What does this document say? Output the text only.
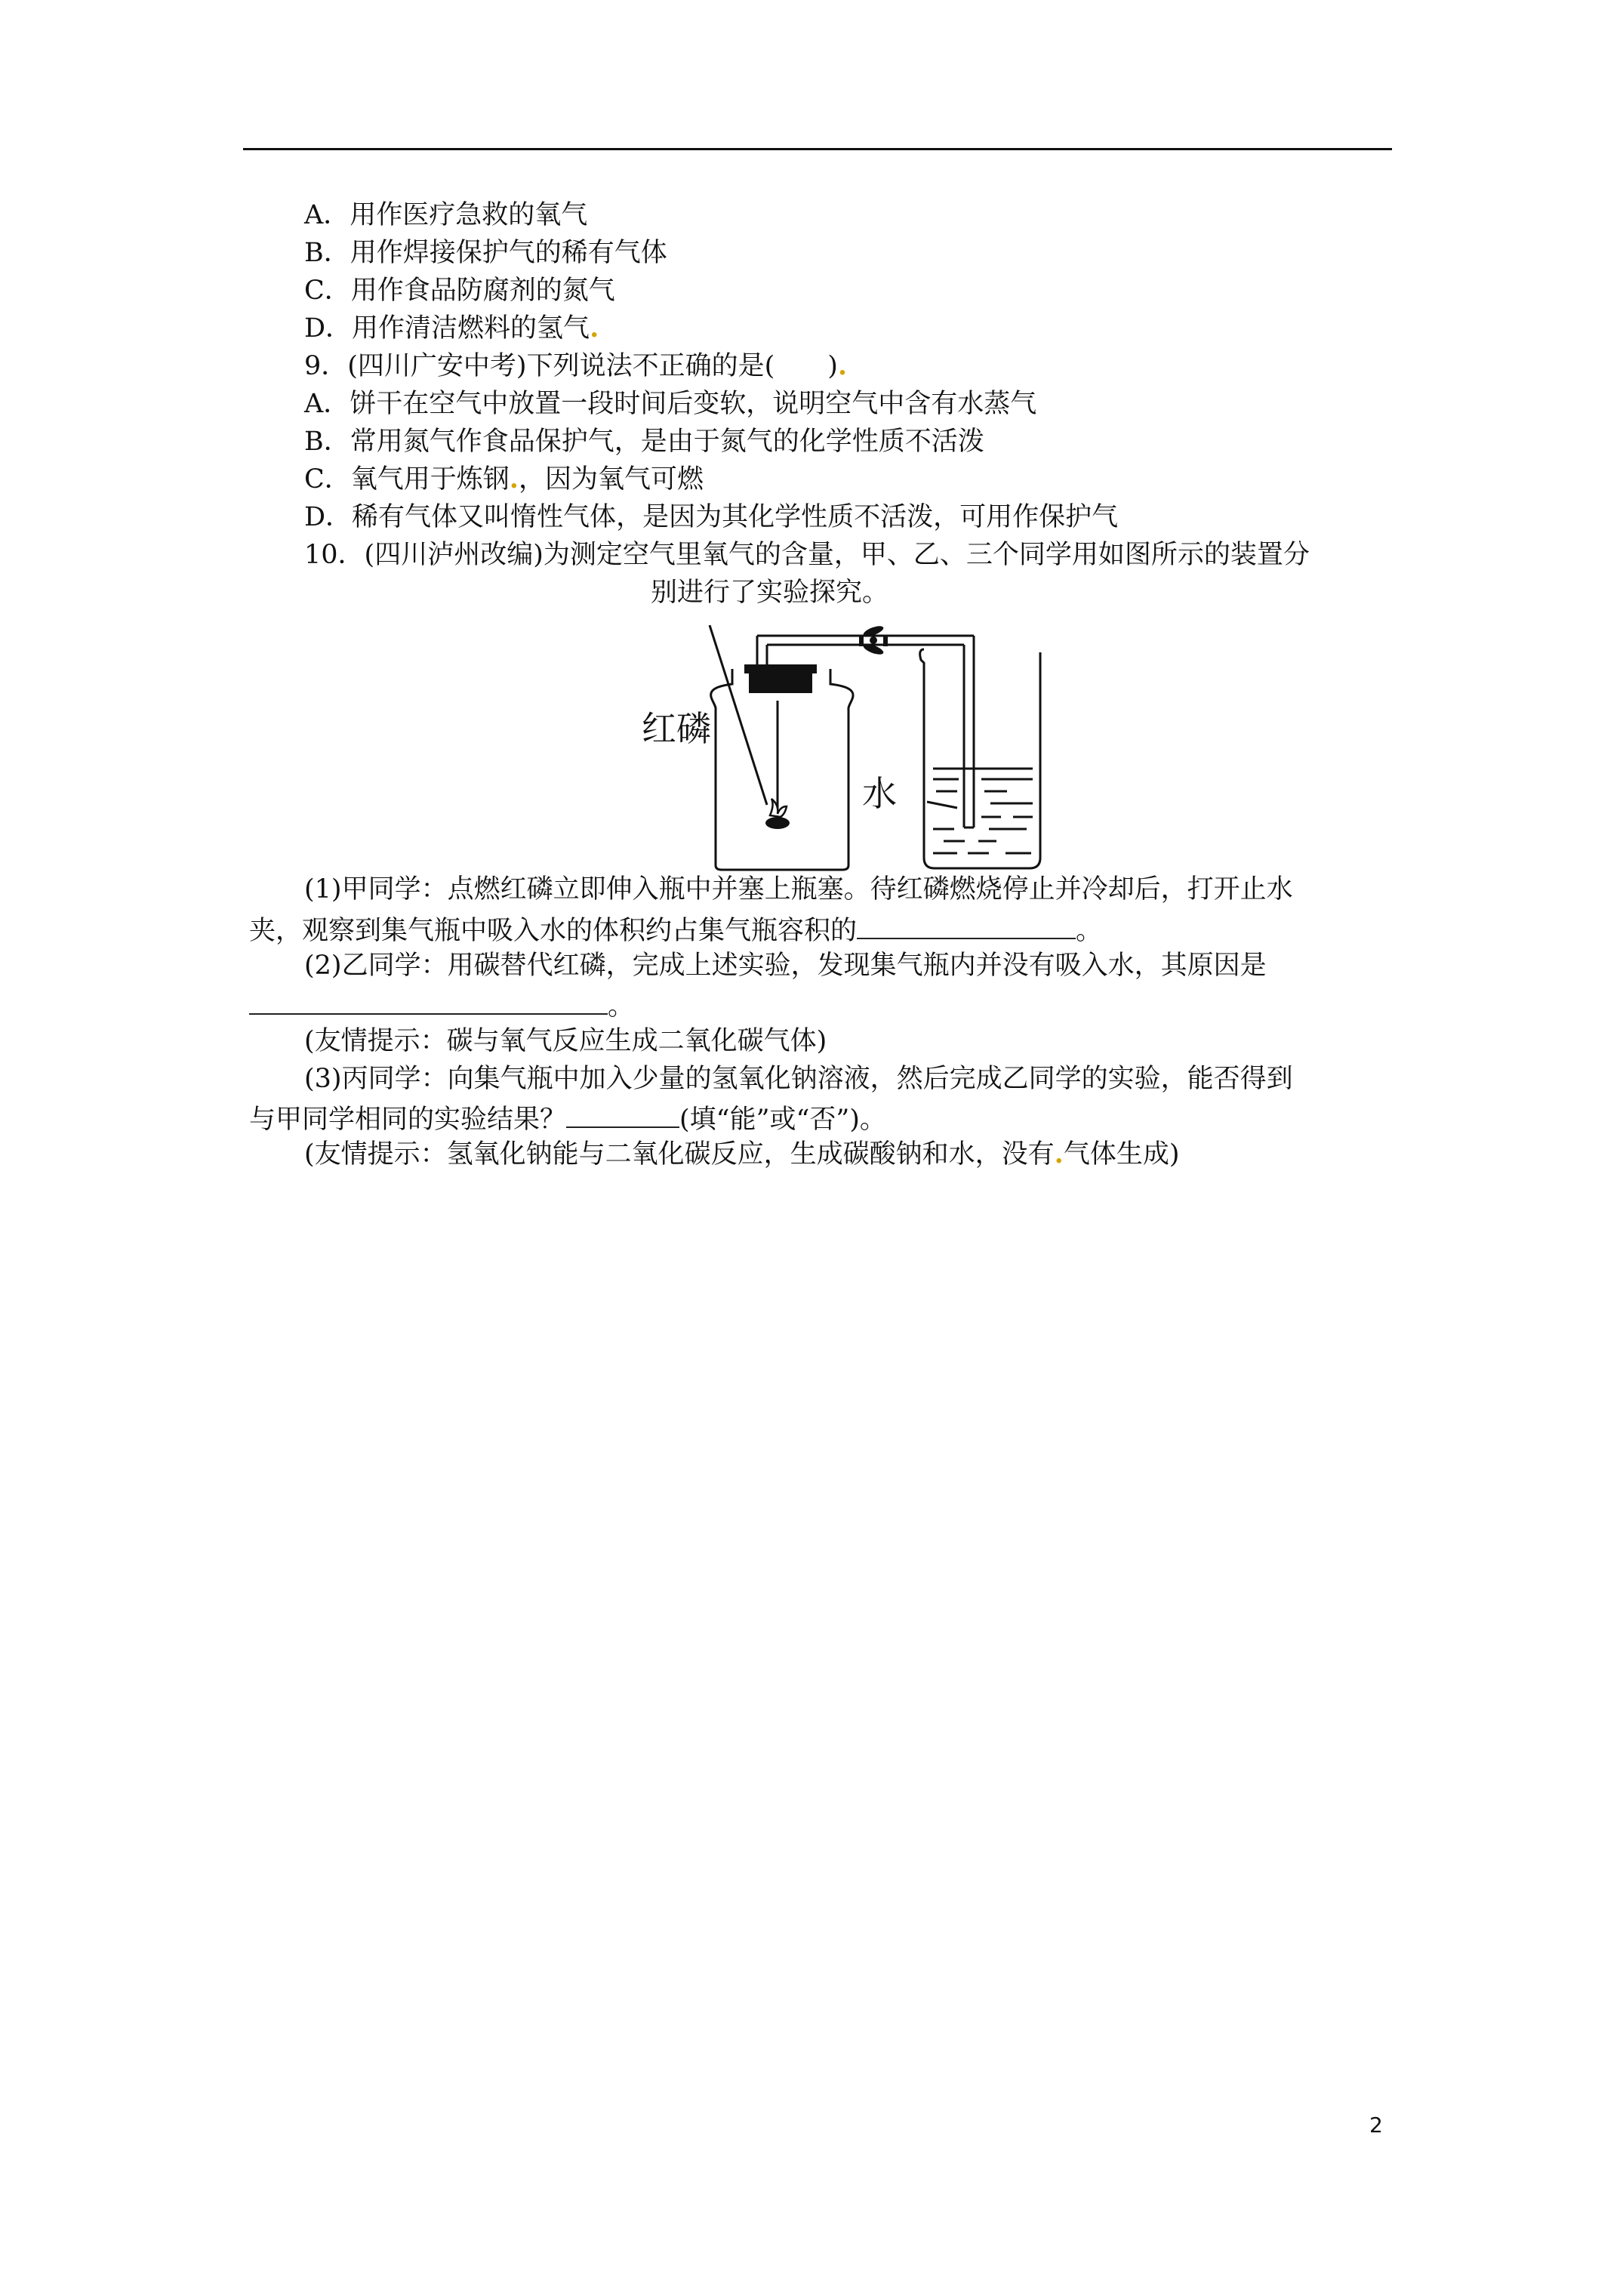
A．用作医疗急救的氧气
B．用作焊接保护气的稀有气体
C．用作食品防腐剂的氮气
D．用作清洁燃料的氢气.
9．(四川广安中考)下列说法不正确的是(　　).
A．饼干在空气中放置一段时间后变软，说明空气中含有水蒸气
B．常用氮气作食品保护气，是由于氮气的化学性质不活泼
C．氧气用于炼钢.，因为氧气可燃
D．稀有气体又叫惰性气体，是因为其化学性质不活泼，可用作保护气
10．(四川泸州改编)为测定空气里氧气的含量，甲、乙、三个同学用如图所示的装置分
别进行了实验探究。
红磷
水
(1)甲同学：点燃红磷立即伸入瓶中并塞上瓶塞。待红磷燃烧停止并冷却后，打开止水
夹，观察到集气瓶中吸入水的体积约占集气瓶容积的	。
(2)乙同学：用碳替代红磷，完成上述实验，发现集气瓶内并没有吸入水，其原因是
。
(友情提示：碳与氧气反应生成二氧化碳气体)
(3)丙同学：向集气瓶中加入少量的氢氧化钠溶液，然后完成乙同学的实验，能否得到
与甲同学相同的实验结果？	(填“能”或“否”)。
(友情提示：氢氧化钠能与二氧化碳反应，生成碳酸钠和水，没有.气体生成)
2
